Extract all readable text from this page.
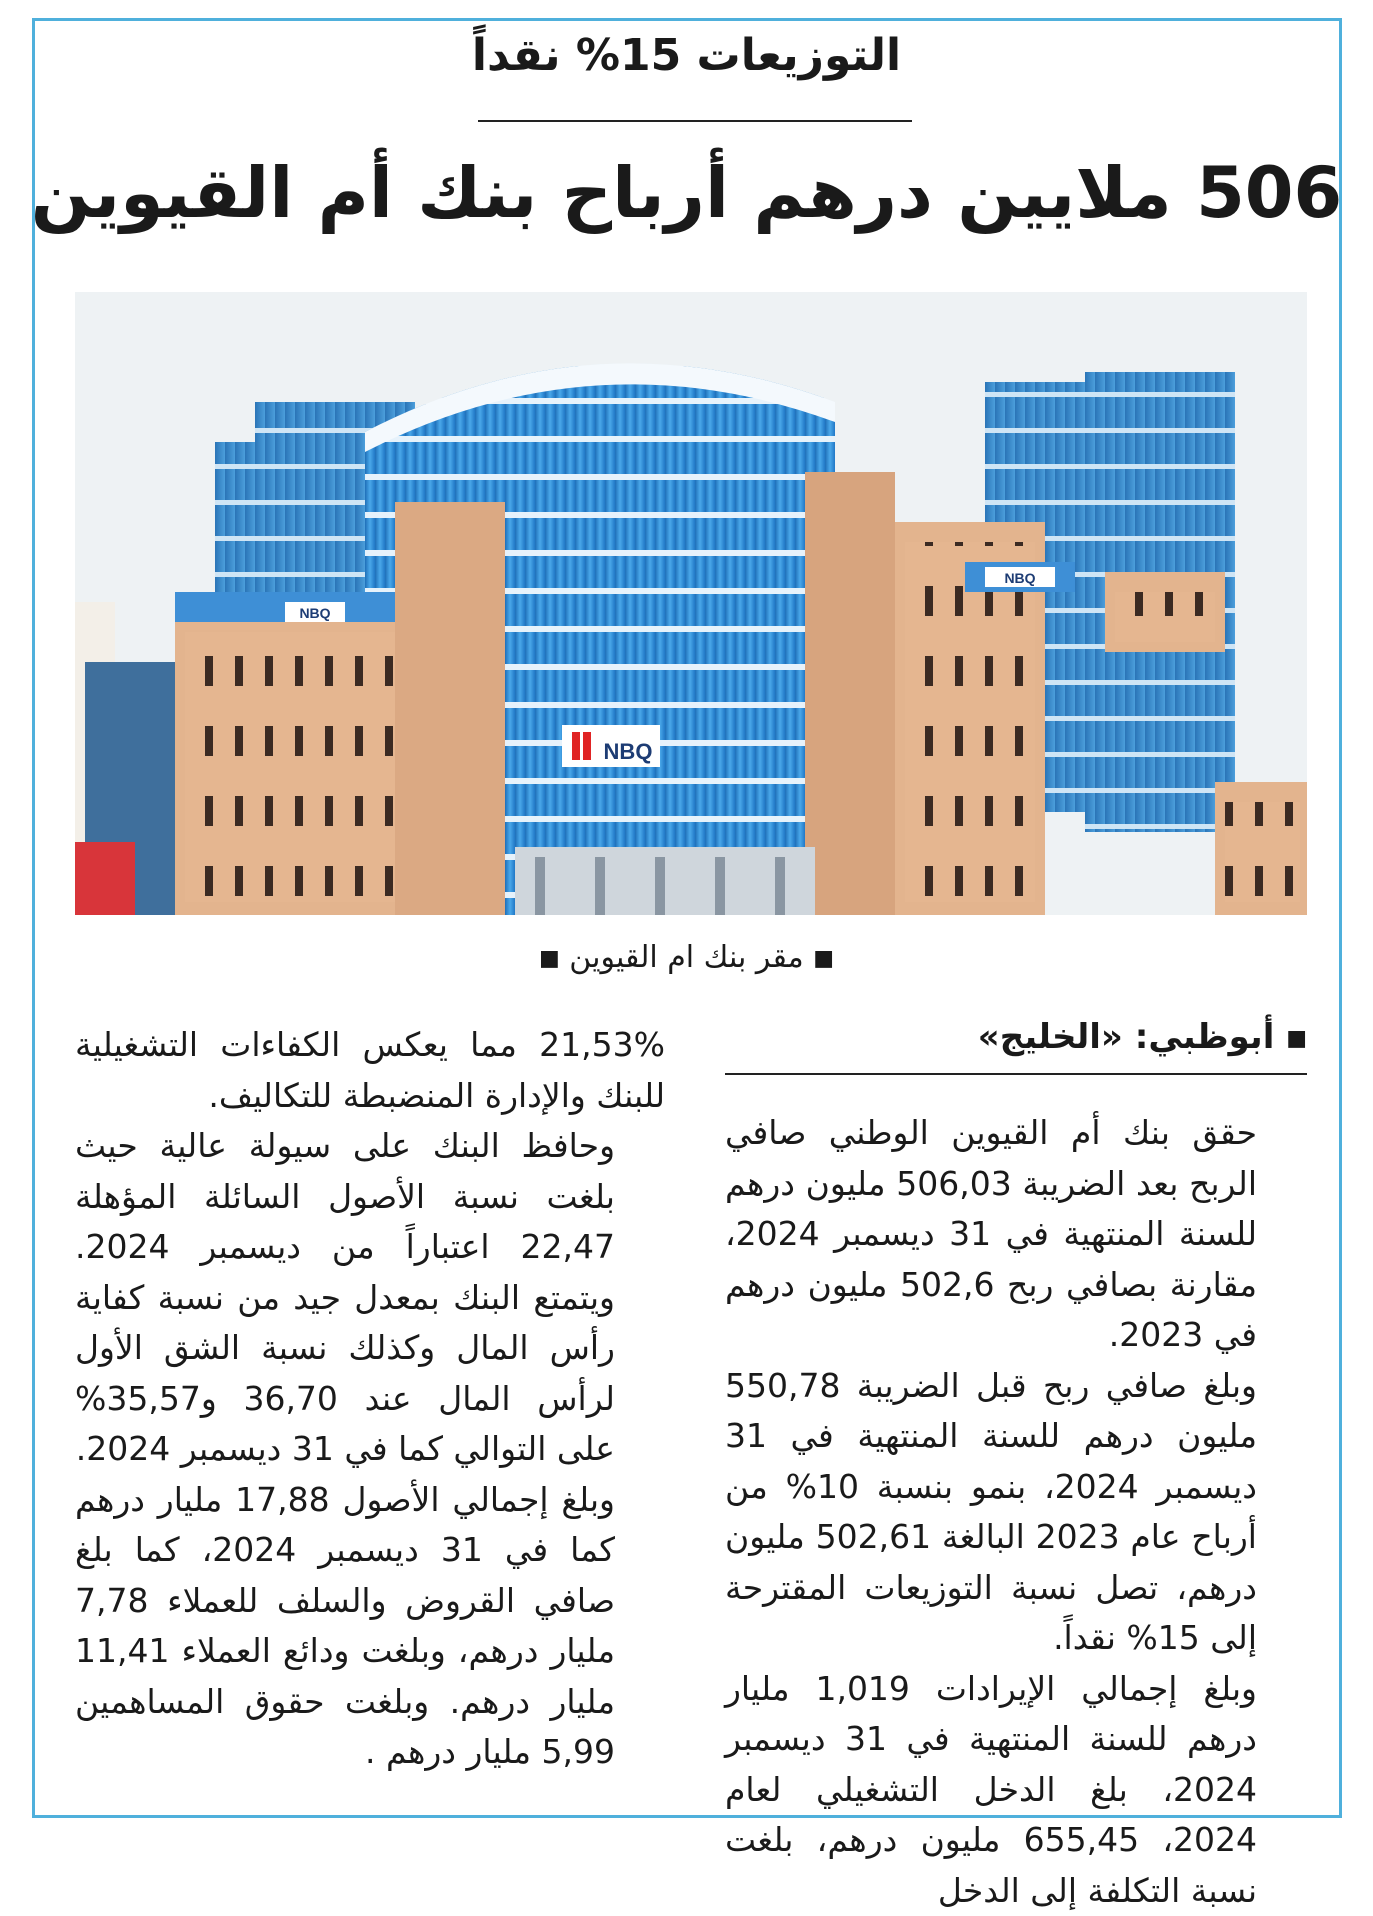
التوزيعات 15% نقداً
506 ملايين درهم أرباح بنك أم القيوين
NBQ
NBQ
NBQ
■ مقر بنك ام القيوين ■
■ أبوظبي: «الخليج»

حقق بنك أم القيوين الوطني صافي الربح بعد الضريبة 506,03 مليون درهم للسنة المنتهية في 31 ديسمبر 2024، مقارنة بصافي ربح 502,6 مليون درهم في 2023.

وبلغ صافي ربح قبل الضريبة 550,78 مليون درهم للسنة المنتهية في 31 ديسمبر 2024، بنمو بنسبة 10% من أرباح عام 2023 البالغة 502,61 مليون درهم، تصل نسبة التوزيعات المقترحة إلى 15% نقداً.

وبلغ إجمالي الإيرادات 1,019 مليار درهم للسنة المنتهية في 31 ديسمبر 2024، بلغ الدخل التشغيلي لعام 2024، 655,45 مليون درهم، بلغت نسبة التكلفة إلى الدخل

21,53% مما يعكس الكفاءات التشغيلية للبنك والإدارة المنضبطة للتكاليف.

وحافظ البنك على سيولة عالية حيث بلغت نسبة الأصول السائلة المؤهلة 22,47 اعتباراً من ديسمبر 2024. ويتمتع البنك بمعدل جيد من نسبة كفاية رأس المال وكذلك نسبة الشق الأول لرأس المال عند 36,70 و35,57% على التوالي كما في 31 ديسمبر 2024.

وبلغ إجمالي الأصول 17,88 مليار درهم كما في 31 ديسمبر 2024، كما بلغ صافي القروض والسلف للعملاء 7,78 مليار درهم، وبلغت ودائع العملاء 11,41 مليار درهم. وبلغت حقوق المساهمين 5,99 مليار درهم .
